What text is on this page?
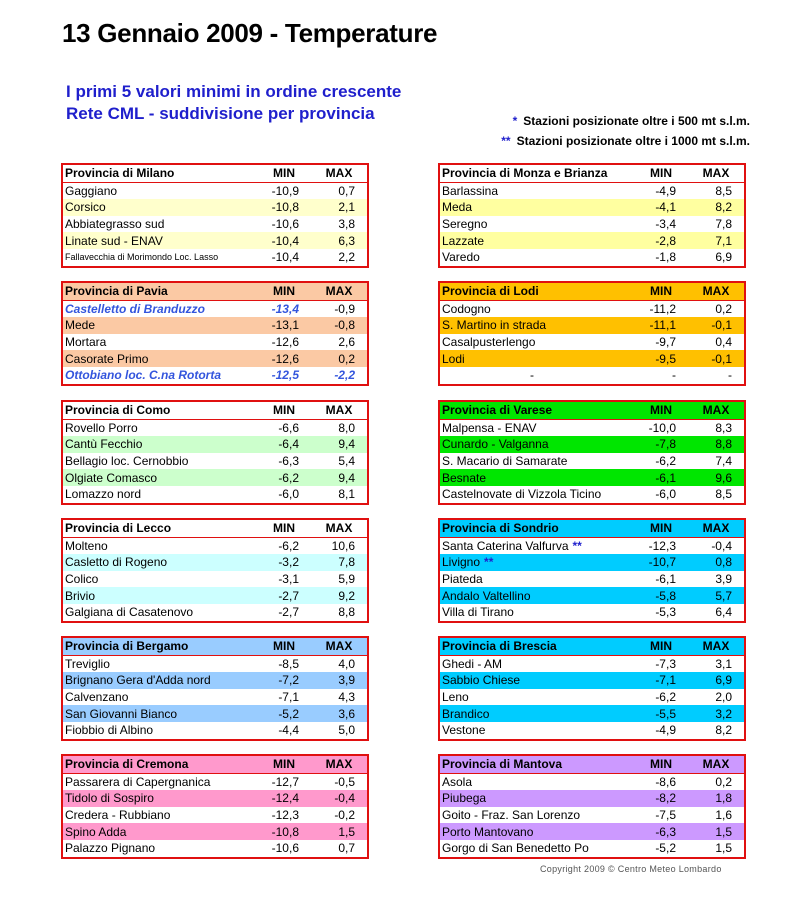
13 Gennaio 2009 - Temperature
I primi 5 valori minimi in ordine crescente
Rete CML - suddivisione per provincia	* Stazioni posizionate oltre i 500 mt s.l.m.
** Stazioni posizionate oltre i 1000 mt s.l.m.
Provincia di Milano	MIN	MAX
Gaggiano	-10,9	0,7
Corsico	-10,8	2,1
Abbiategrasso sud	-10,6	3,8
Linate sud - ENAV	-10,4	6,3
Fallavecchia di Morimondo Loc. Lasso	-10,4	2,2
Provincia di Monza e Brianza	MIN	MAX
Barlassina	-4,9	8,5
Meda	-4,1	8,2
Seregno	-3,4	7,8
Lazzate	-2,8	7,1
Varedo	-1,8	6,9
Provincia di Pavia	MIN	MAX
Castelletto di Branduzzo	-13,4	-0,9
Mede	-13,1	-0,8
Mortara	-12,6	2,6
Casorate Primo	-12,6	0,2
Ottobiano loc. C.na Rotorta	-12,5	-2,2
Provincia di Lodi	MIN	MAX
Codogno	-11,2	0,2
S. Martino in strada	-11,1	-0,1
Casalpusterlengo	-9,7	0,4
Lodi	-9,5	-0,1
-	-	-
Provincia di Como	MIN	MAX
Rovello Porro	-6,6	8,0
Cantù Fecchio	-6,4	9,4
Bellagio loc. Cernobbio	-6,3	5,4
Olgiate Comasco	-6,2	9,4
Lomazzo nord	-6,0	8,1
Provincia di Varese	MIN	MAX
Malpensa - ENAV	-10,0	8,3
Cunardo - Valganna	-7,8	8,8
S. Macario di Samarate	-6,2	7,4
Besnate	-6,1	9,6
Castelnovate di Vizzola Ticino	-6,0	8,5
Provincia di Lecco	MIN	MAX
Molteno	-6,2	10,6
Casletto di Rogeno	-3,2	7,8
Colico	-3,1	5,9
Brivio	-2,7	9,2
Galgiana di Casatenovo	-2,7	8,8
Provincia di Sondrio	MIN	MAX
Santa Caterina Valfurva **	-12,3	-0,4
Livigno **	-10,7	0,8
Piateda	-6,1	3,9
Andalo Valtellino	-5,8	5,7
Villa di Tirano	-5,3	6,4
Provincia di Bergamo	MIN	MAX
Treviglio	-8,5	4,0
Brignano Gera d'Adda nord	-7,2	3,9
Calvenzano	-7,1	4,3
San Giovanni Bianco	-5,2	3,6
Fiobbio di Albino	-4,4	5,0
Provincia di Brescia	MIN	MAX
Ghedi - AM	-7,3	3,1
Sabbio Chiese	-7,1	6,9
Leno	-6,2	2,0
Brandico	-5,5	3,2
Vestone	-4,9	8,2
Provincia di Cremona	MIN	MAX
Passarera di Capergnanica	-12,7	-0,5
Tidolo di Sospiro	-12,4	-0,4
Credera - Rubbiano	-12,3	-0,2
Spino Adda	-10,8	1,5
Palazzo Pignano	-10,6	0,7
Provincia di Mantova	MIN	MAX
Asola	-8,6	0,2
Piubega	-8,2	1,8
Goito - Fraz. San Lorenzo	-7,5	1,6
Porto Mantovano	-6,3	1,5
Gorgo di San Benedetto Po	-5,2	1,5
Copyright 2009 © Centro Meteo Lombardo
